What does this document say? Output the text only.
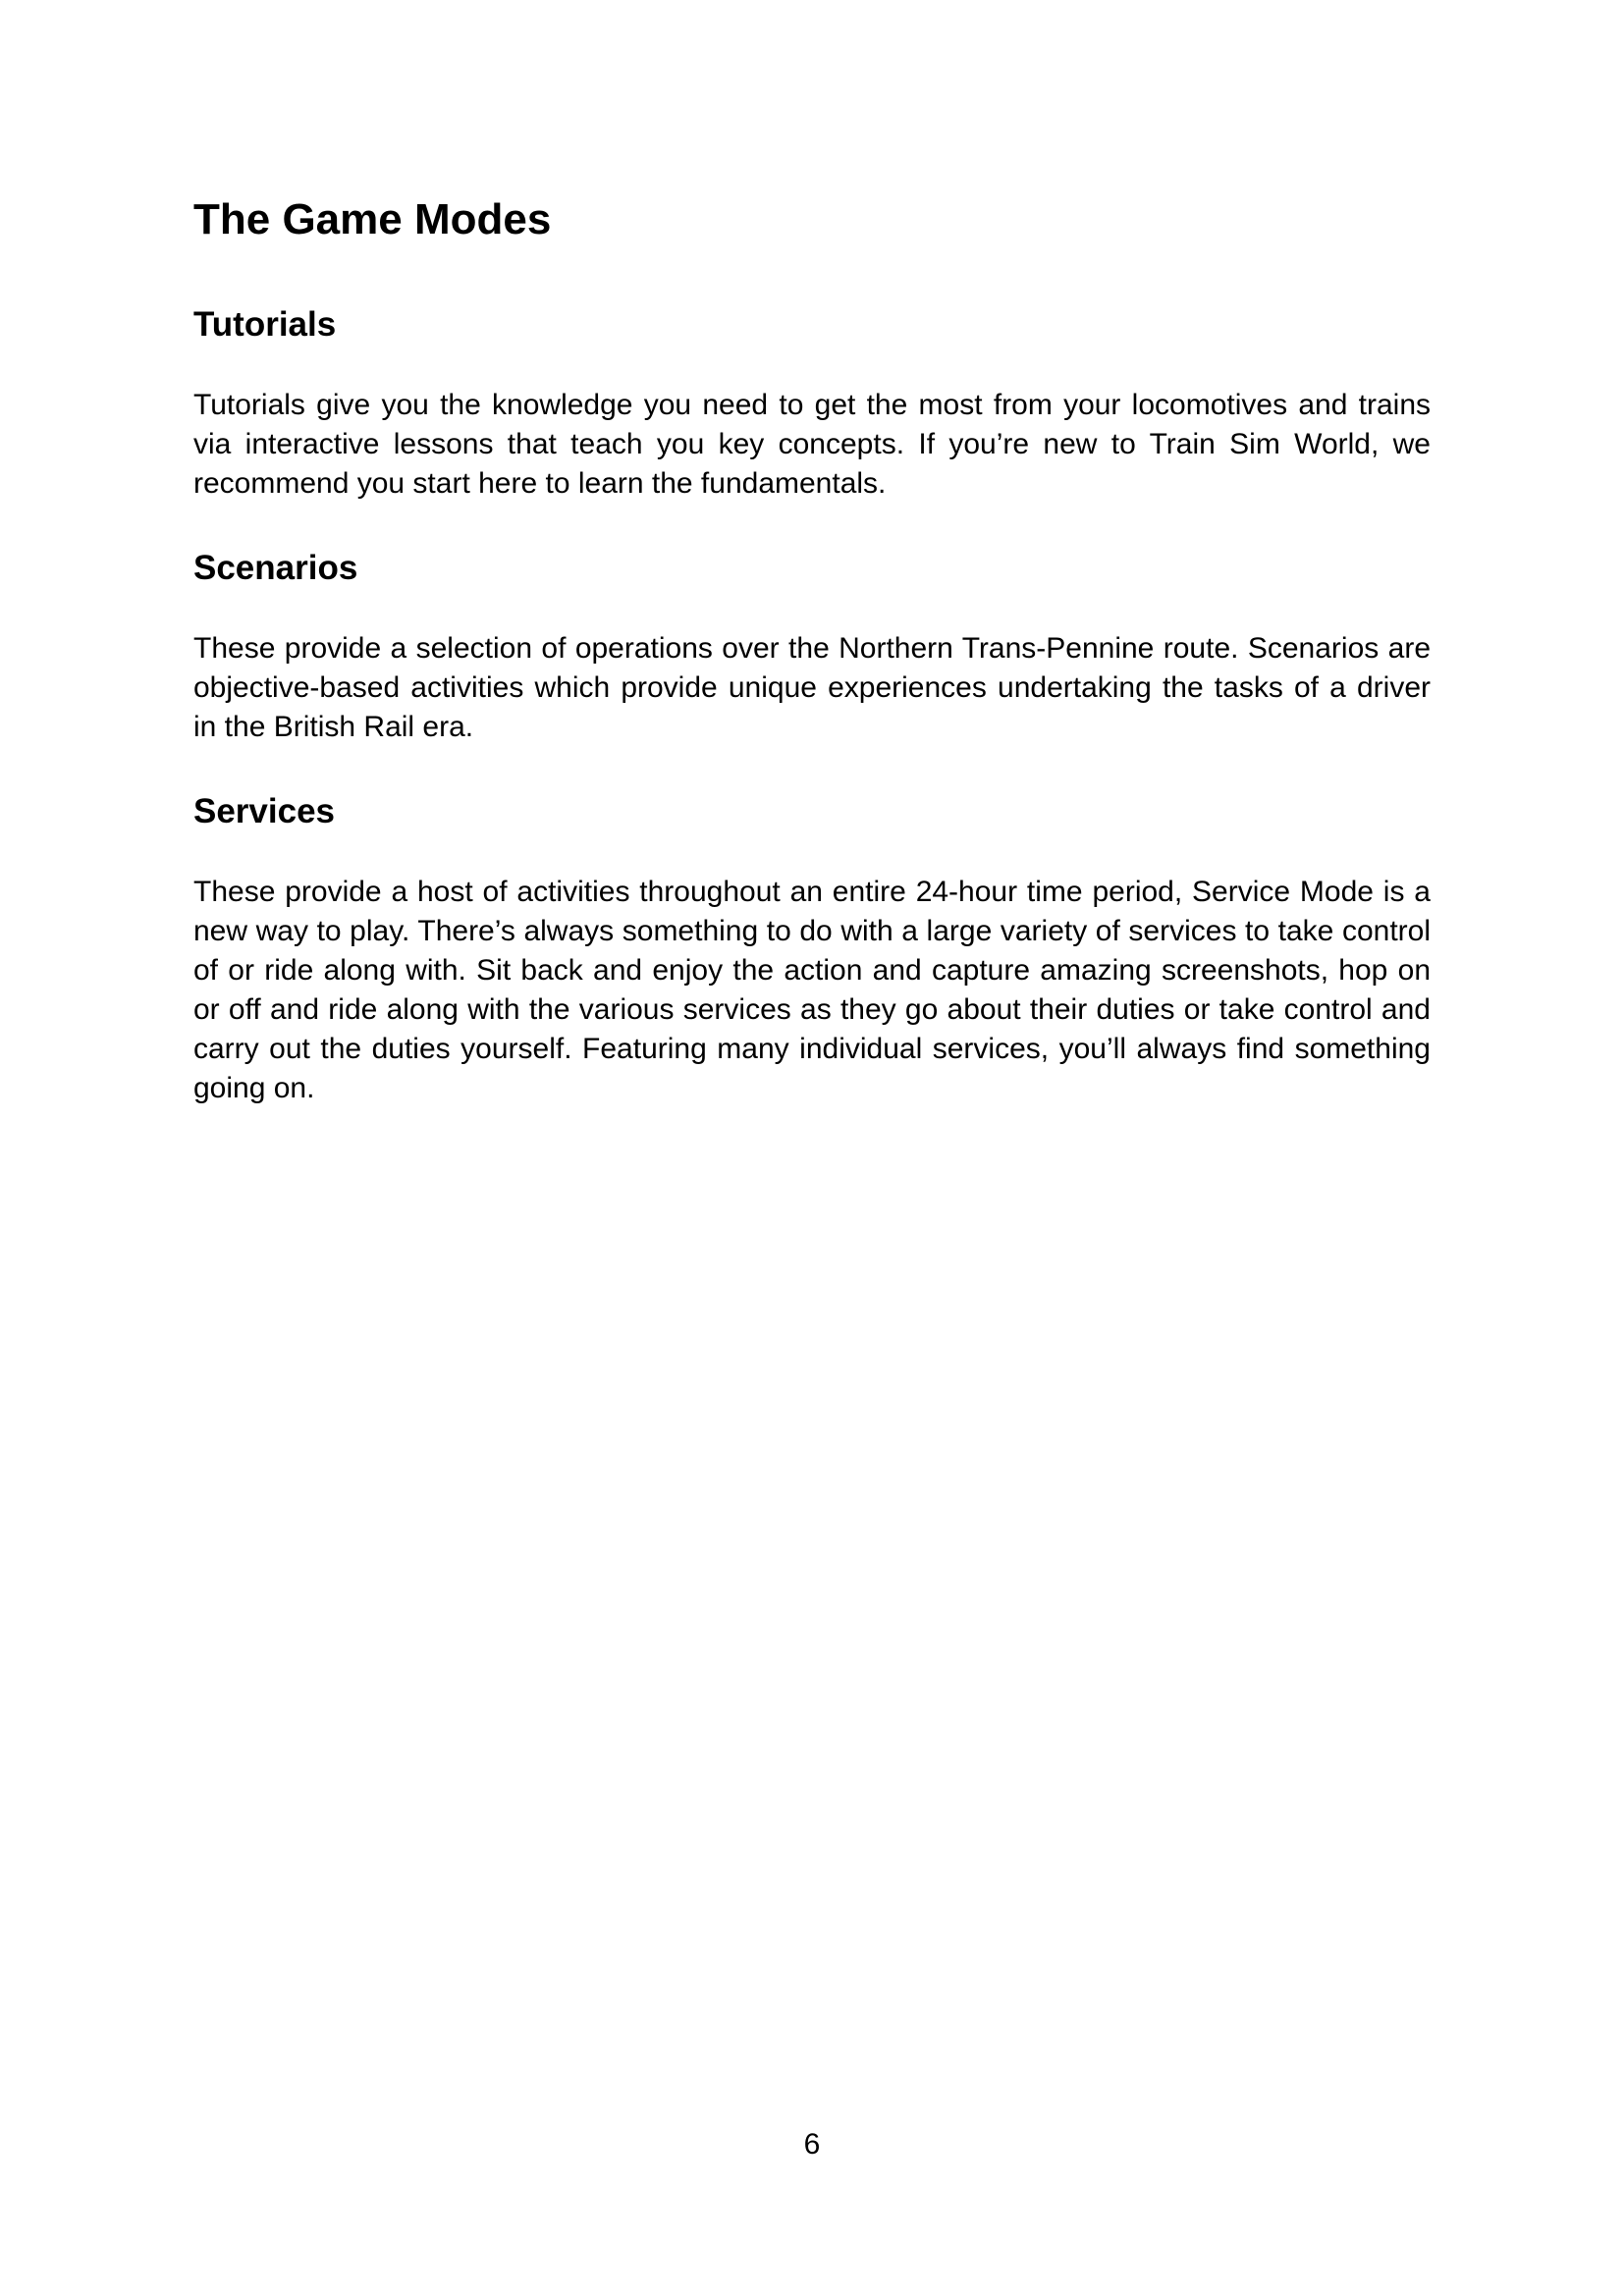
The Game Modes
Tutorials

Tutorials give you the knowledge you need to get the most from your locomotives and trains via interactive lessons that teach you key concepts. If you’re new to Train Sim World, we recommend you start here to learn the fundamentals.

Scenarios

These provide a selection of operations over the Northern Trans-Pennine route. Scenarios are objective-based activities which provide unique experiences undertaking the tasks of a driver in the British Rail era.

Services

These provide a host of activities throughout an entire 24-hour time period, Service Mode is a new way to play. There’s always something to do with a large variety of services to take control of or ride along with. Sit back and enjoy the action and capture amazing screenshots, hop on or off and ride along with the various services as they go about their duties or take control and carry out the duties yourself. Featuring many individual services, you’ll always find something going on.

6
